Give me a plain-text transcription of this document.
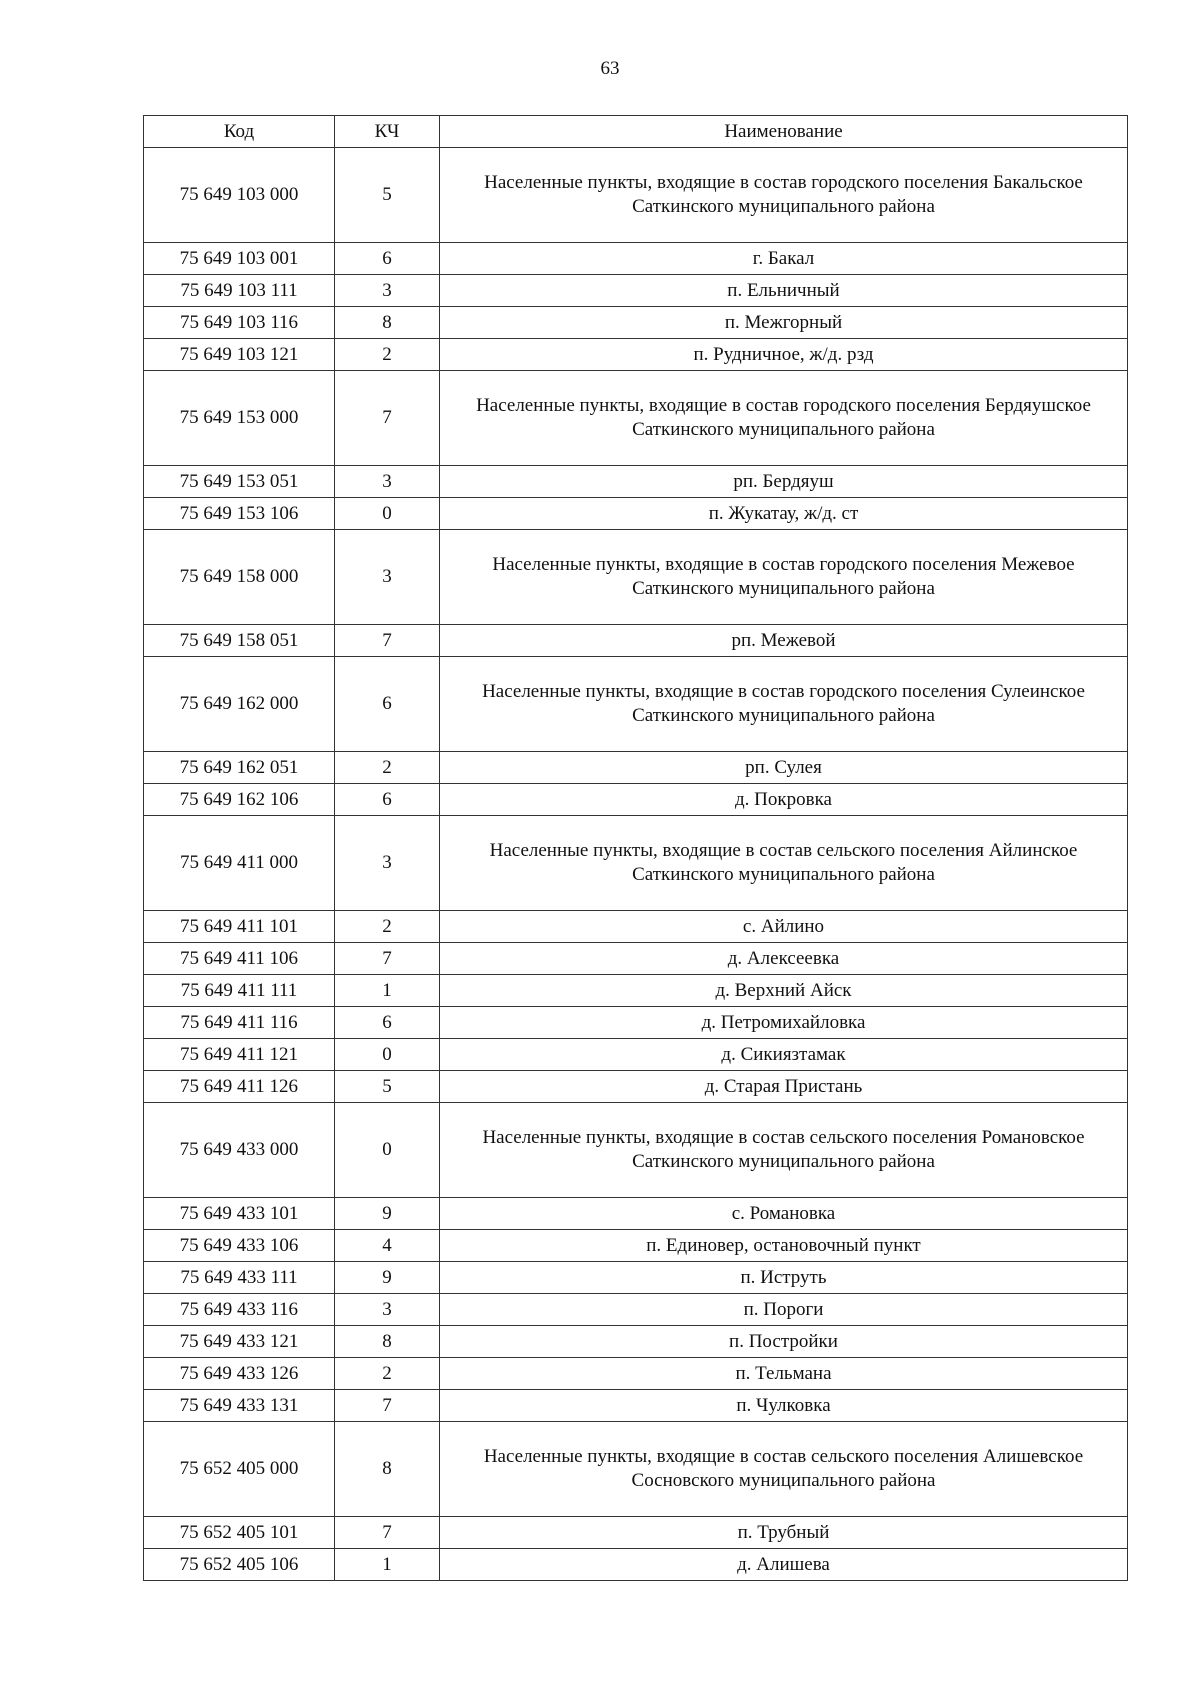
63
Код	КЧ	Наименование
75 649 103 000	5	Населенные пункты, входящие в состав городского поселения Бакальское Саткинского муниципального района
75 649 103 001	6	г. Бакал
75 649 103 111	3	п. Ельничный
75 649 103 116	8	п. Межгорный
75 649 103 121	2	п. Рудничное, ж/д. рзд
75 649 153 000	7	Населенные пункты, входящие в состав городского поселения Бердяушское Саткинского муниципального района
75 649 153 051	3	рп. Бердяуш
75 649 153 106	0	п. Жукатау, ж/д. ст
75 649 158 000	3	Населенные пункты, входящие в состав городского поселения Межевое Саткинского муниципального района
75 649 158 051	7	рп. Межевой
75 649 162 000	6	Населенные пункты, входящие в состав городского поселения Сулеинское Саткинского муниципального района
75 649 162 051	2	рп. Сулея
75 649 162 106	6	д. Покровка
75 649 411 000	3	Населенные пункты, входящие в состав сельского поселения Айлинское Саткинского муниципального района
75 649 411 101	2	с. Айлино
75 649 411 106	7	д. Алексеевка
75 649 411 111	1	д. Верхний Айск
75 649 411 116	6	д. Петромихайловка
75 649 411 121	0	д. Сикиязтамак
75 649 411 126	5	д. Старая Пристань
75 649 433 000	0	Населенные пункты, входящие в состав сельского поселения Романовское Саткинского муниципального района
75 649 433 101	9	с. Романовка
75 649 433 106	4	п. Единовер, остановочный пункт
75 649 433 111	9	п. Иструть
75 649 433 116	3	п. Пороги
75 649 433 121	8	п. Постройки
75 649 433 126	2	п. Тельмана
75 649 433 131	7	п. Чулковка
75 652 405 000	8	Населенные пункты, входящие в состав сельского поселения Алишевское Сосновского муниципального района
75 652 405 101	7	п. Трубный
75 652 405 106	1	д. Алишева
